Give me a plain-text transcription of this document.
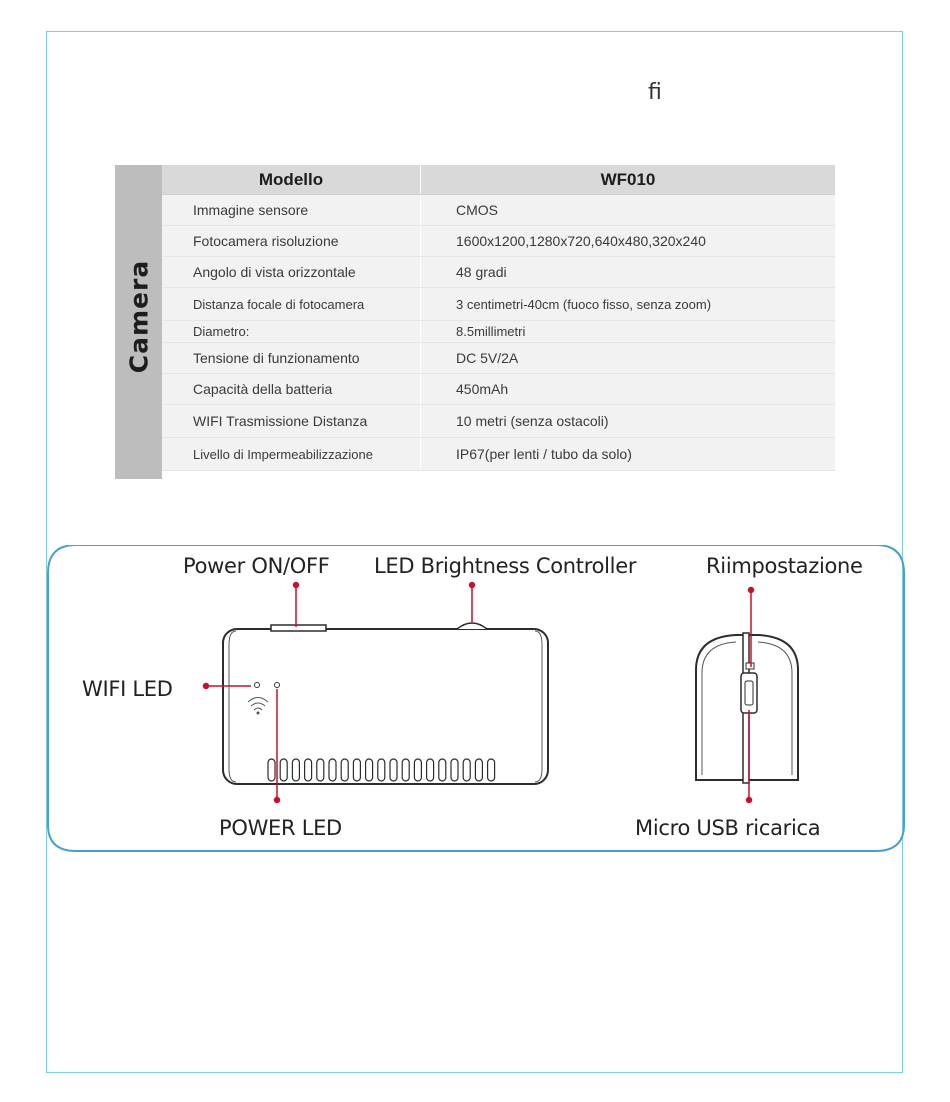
ﬁ
Camera
Modello	WF010
Immagine sensore	CMOS
Fotocamera risoluzione	1600x1200,1280x720,640x480,320x240
Angolo di vista orizzontale	48 gradi
Distanza focale di fotocamera	3 centimetri-40cm (fuoco fisso, senza zoom)
Diametro:	8.5millimetri
Tensione di funzionamento	DC 5V/2A
Capacità della batteria	450mAh
WIFI Trasmissione Distanza	10 metri (senza ostacoli)
Livello di Impermeabilizzazione	IP67(per lenti / tubo da solo)
Power ON/OFF LED Brightness Controller	Riimpostazione
WIFI LED
POWER LED	Micro USB ricarica
